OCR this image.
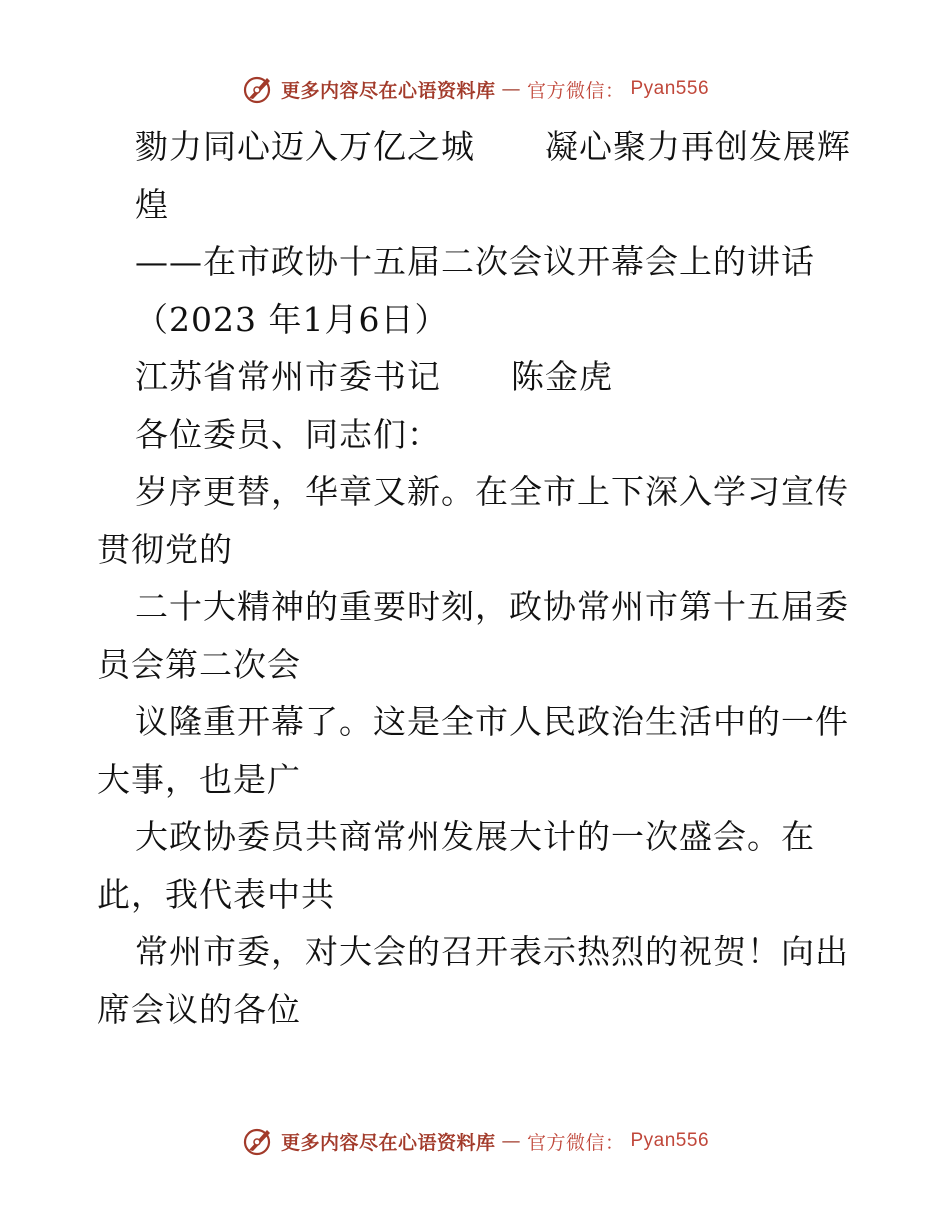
更多内容尽在心语资料库 — 官方微信： Pyan556

勠力同心迈入万亿之城 凝心聚力再创发展辉

煌

——在市政协十五届二次会议开幕会上的讲话

（2023 年1月6日）

江苏省常州市委书记 陈金虎

各位委员、同志们：

岁序更替，华章又新。在全市上下深入学习宣传

贯彻党的

二十大精神的重要时刻，政协常州市第十五届委

员会第二次会

议隆重开幕了。这是全市人民政治生活中的一件

大事，也是广

大政协委员共商常州发展大计的一次盛会。在

此，我代表中共

常州市委，对大会的召开表示热烈的祝贺！向出

席会议的各位

更多内容尽在心语资料库 — 官方微信： Pyan556
